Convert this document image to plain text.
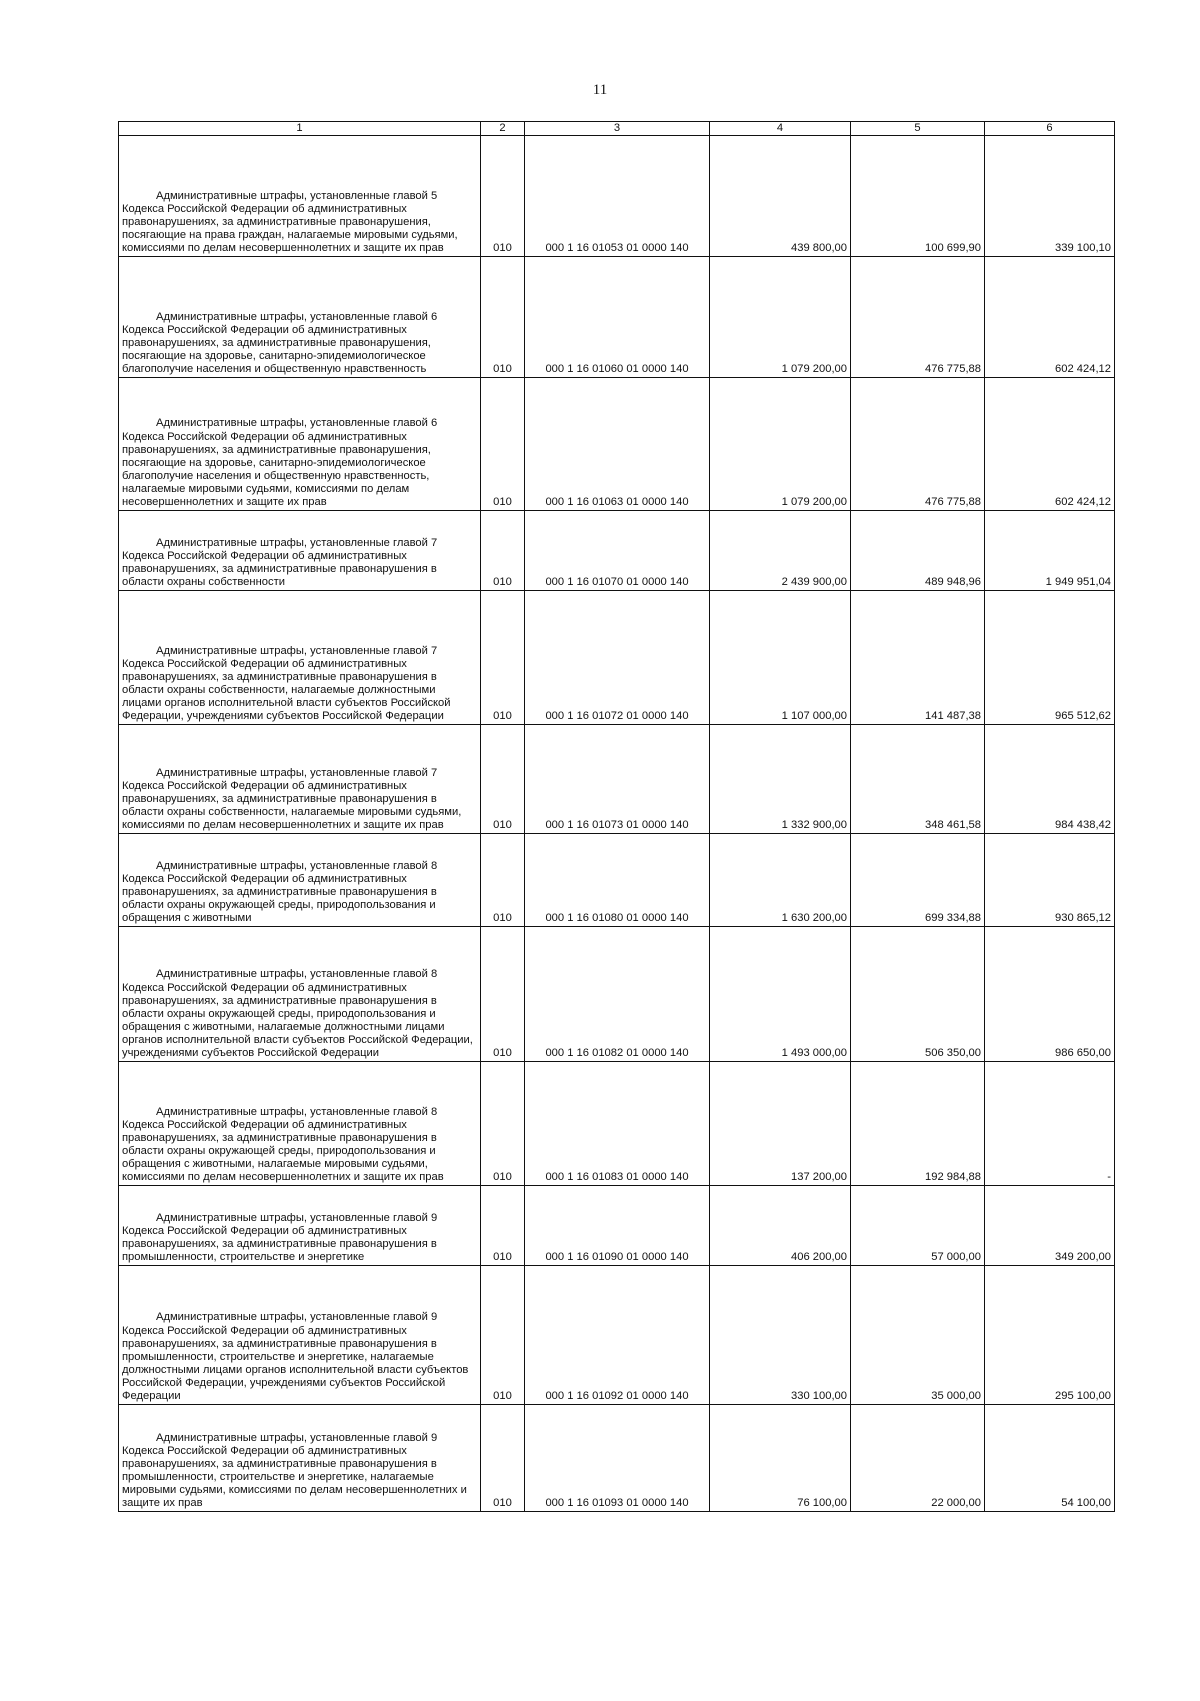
11
1	2	3	4	5	6

Административные штрафы, установленные главой 5 Кодекса Российской Федерации об административных правонарушениях, за административные правонарушения, посягающие на права граждан, налагаемые мировыми судьями, комиссиями по делам несовершеннолетних и защите их прав	010	000 1 16 01053 01 0000 140	439 800,00	100 699,90	339 100,10

Административные штрафы, установленные главой 6 Кодекса Российской Федерации об административных правонарушениях, за административные правонарушения, посягающие на здоровье, санитарно-эпидемиологическое благополучие населения и общественную нравственность	010	000 1 16 01060 01 0000 140	1 079 200,00	476 775,88	602 424,12

Административные штрафы, установленные главой 6 Кодекса Российской Федерации об административных правонарушениях, за административные правонарушения, посягающие на здоровье, санитарно-эпидемиологическое благополучие населения и общественную нравственность, налагаемые мировыми судьями, комиссиями по делам несовершеннолетних и защите их прав	010	000 1 16 01063 01 0000 140	1 079 200,00	476 775,88	602 424,12

Административные штрафы, установленные главой 7 Кодекса Российской Федерации об административных правонарушениях, за административные правонарушения в области охраны собственности	010	000 1 16 01070 01 0000 140	2 439 900,00	489 948,96	1 949 951,04

Административные штрафы, установленные главой 7 Кодекса Российской Федерации об административных правонарушениях, за административные правонарушения в области охраны собственности, налагаемые должностными лицами органов исполнительной власти субъектов Российской Федерации, учреждениями субъектов Российской Федерации	010	000 1 16 01072 01 0000 140	1 107 000,00	141 487,38	965 512,62

Административные штрафы, установленные главой 7 Кодекса Российской Федерации об административных правонарушениях, за административные правонарушения в области охраны собственности, налагаемые мировыми судьями, комиссиями по делам несовершеннолетних и защите их прав	010	000 1 16 01073 01 0000 140	1 332 900,00	348 461,58	984 438,42

Административные штрафы, установленные главой 8 Кодекса Российской Федерации об административных правонарушениях, за административные правонарушения в области охраны окружающей среды, природопользования и обращения с животными	010	000 1 16 01080 01 0000 140	1 630 200,00	699 334,88	930 865,12

Административные штрафы, установленные главой 8 Кодекса Российской Федерации об административных правонарушениях, за административные правонарушения в области охраны окружающей среды, природопользования и обращения с животными, налагаемые должностными лицами органов исполнительной власти субъектов Российской Федерации, учреждениями субъектов Российской Федерации	010	000 1 16 01082 01 0000 140	1 493 000,00	506 350,00	986 650,00

Административные штрафы, установленные главой 8 Кодекса Российской Федерации об административных правонарушениях, за административные правонарушения в области охраны окружающей среды, природопользования и обращения с животными, налагаемые мировыми судьями, комиссиями по делам несовершеннолетних и защите их прав	010	000 1 16 01083 01 0000 140	137 200,00	192 984,88	-

Административные штрафы, установленные главой 9 Кодекса Российской Федерации об административных правонарушениях, за административные правонарушения в промышленности, строительстве и энергетике	010	000 1 16 01090 01 0000 140	406 200,00	57 000,00	349 200,00

Административные штрафы, установленные главой 9 Кодекса Российской Федерации об административных правонарушениях, за административные правонарушения в промышленности, строительстве и энергетике, налагаемые должностными лицами органов исполнительной власти субъектов Российской Федерации, учреждениями субъектов Российской Федерации	010	000 1 16 01092 01 0000 140	330 100,00	35 000,00	295 100,00

Административные штрафы, установленные главой 9 Кодекса Российской Федерации об административных правонарушениях, за административные правонарушения в промышленности, строительстве и энергетике, налагаемые мировыми судьями, комиссиями по делам несовершеннолетних и защите их прав	010	000 1 16 01093 01 0000 140	76 100,00	22 000,00	54 100,00
